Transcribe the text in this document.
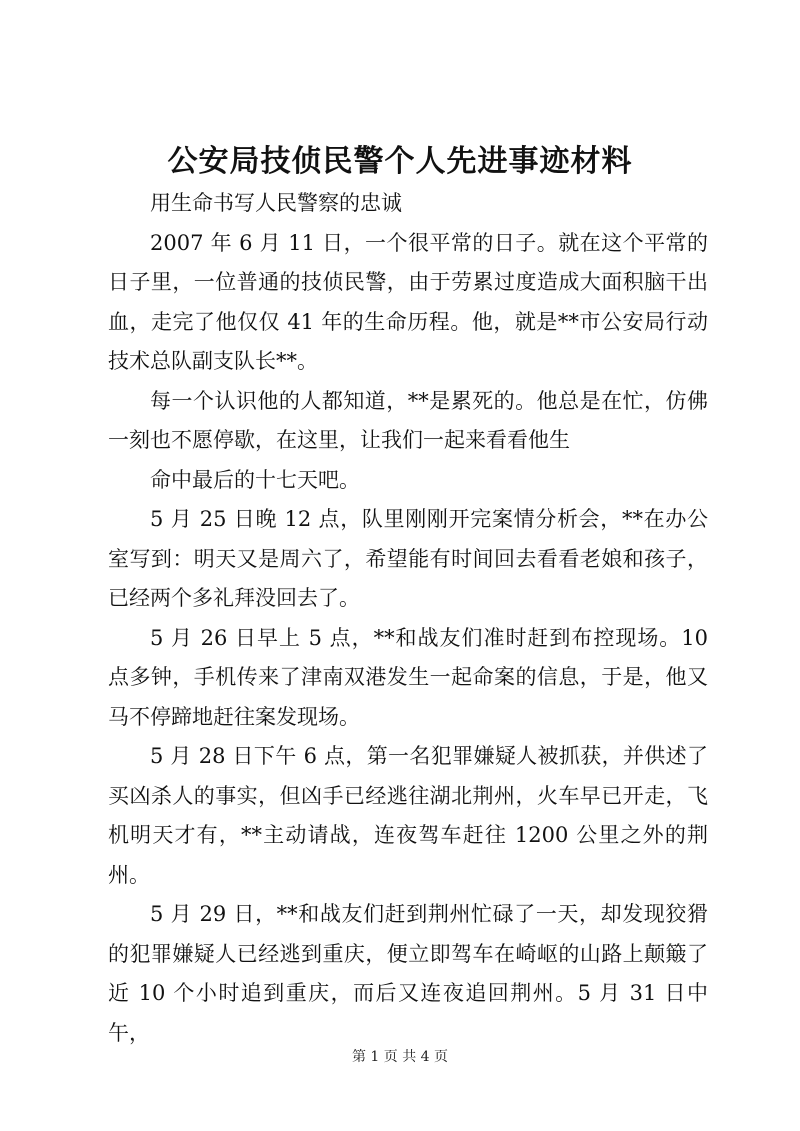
公安局技侦民警个人先进事迹材料

用生命书写人民警察的忠诚

2007 年 6 月 11 日，一个很平常的日子。就在这个平常的日子里，一位普通的技侦民警，由于劳累过度造成大面积脑干出血，走完了他仅仅 41 年的生命历程。他，就是**市公安局行动技术总队副支队长**。

每一个认识他的人都知道，**是累死的。他总是在忙，仿佛一刻也不愿停歇，在这里，让我们一起来看看他生

命中最后的十七天吧。

5 月 25 日晚 12 点，队里刚刚开完案情分析会，**在办公室写到：明天又是周六了，希望能有时间回去看看老娘和孩子，已经两个多礼拜没回去了。

5 月 26 日早上 5 点，**和战友们准时赶到布控现场。10 点多钟，手机传来了津南双港发生一起命案的信息，于是，他又马不停蹄地赶往案发现场。

5 月 28 日下午 6 点，第一名犯罪嫌疑人被抓获，并供述了买凶杀人的事实，但凶手已经逃往湖北荆州，火车早已开走，飞机明天才有，**主动请战，连夜驾车赶往 1200 公里之外的荆州。

5 月 29 日，**和战友们赶到荆州忙碌了一天，却发现狡猾的犯罪嫌疑人已经逃到重庆，便立即驾车在崎岖的山路上颠簸了近 10 个小时追到重庆，而后又连夜追回荆州。5 月 31 日中午，

第 1 页 共 4 页
